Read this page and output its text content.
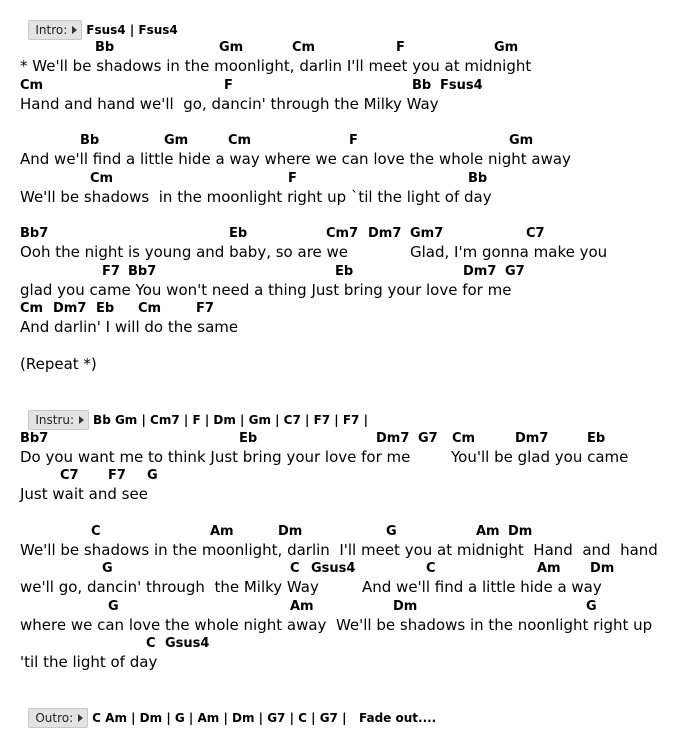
Intro: Fsus4 | Fsus4

Bb	Gm	Cm	F	Gm
* We'll be shadows in the moonlight, darlin I'll meet you at midnight
Cm	F	Bb Fsus4
Hand and hand we'll  go, dancin' through the Milky Way
Bb	Gm	Cm	F	Gm
And we'll find a little hide a way where we can love the whole night away
Cm	F	Bb
We'll be shadows  in the moonlight right up `til the light of day
Bb7	Eb	Cm7 Dm7 Gm7	C7
Ooh the night is young and baby, so are we	Glad, I'm gonna make you
F7 Bb7	Eb	Dm7 G7
glad you came You won't need a thing Just bring your love for me
Cm Dm7 Eb Cm	F7
And darlin' I will do the same
(Repeat *)

Instru: Bb Gm | Cm7 | F | Dm | Gm | C7 | F7 | F7 |

Bb7	Eb	Dm7 G7 Cm	Dm7	Eb
Do you want me to think Just bring your love for me	You'll be glad you came
C7 F7 G
Just wait and see
C	Am	Dm	G	Am Dm
We'll be shadows in the moonlight, darlin  I'll meet you at midnight  Hand  and  hand
G	C Gsus4	C	Am Dm
we'll go, dancin' through  the Milky Way	And we'll find a little hide a way
G	Am	Dm	G
where we can love the whole night away  We'll be shadows in the noonlight right up
C Gsus4
'til the light of day

Outro: C Am | Dm | G | Am | Dm | G7 | C | G7 |   Fade out....
